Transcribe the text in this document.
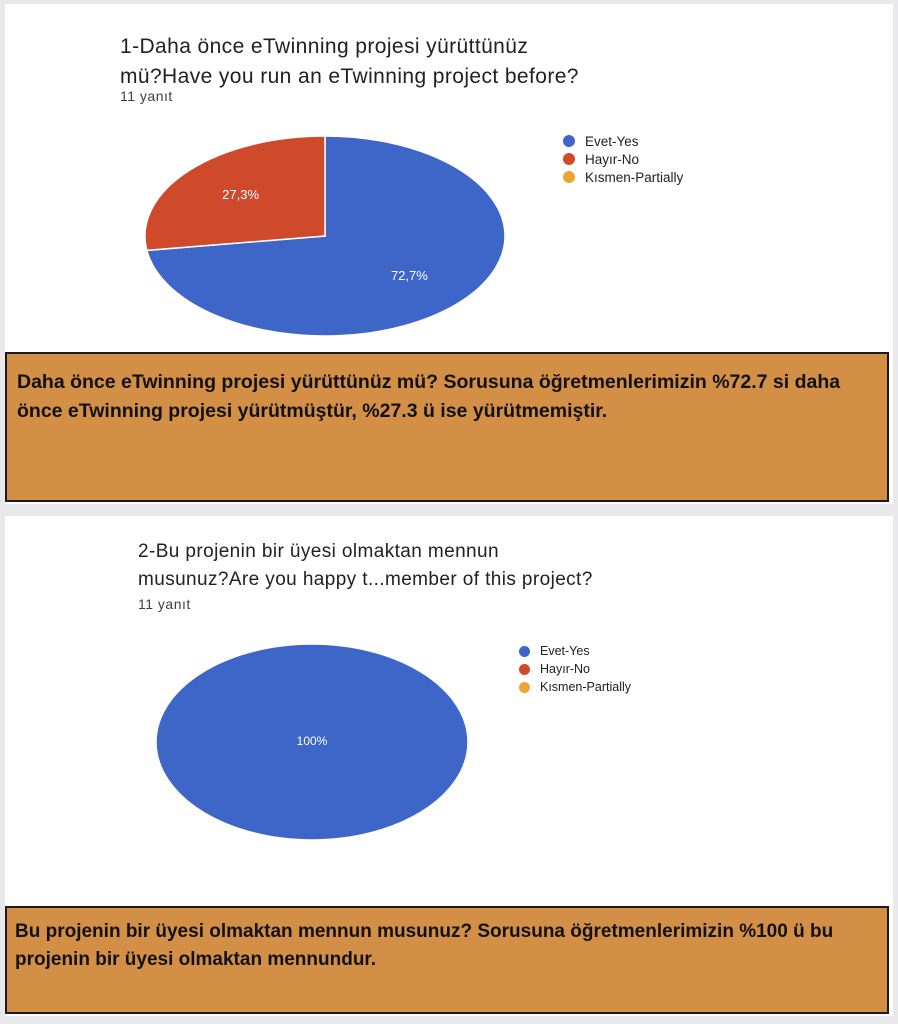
1-Daha önce eTwinning projesi yürüttünüz
mü?Have you run an eTwinning project before?
11 yanıt
72,7%
27,3%
Evet-Yes
Hayır-No
Kısmen-Partially
Daha önce eTwinning projesi yürüttünüz mü? Sorusuna öğretmenlerimizin %72.7 si daha önce eTwinning projesi yürütmüştür, %27.3 ü ise yürütmemiştir.
2-Bu projenin bir üyesi olmaktan mennun
musunuz?Are you happy t...member of this project?
11 yanıt
100%
Evet-Yes
Hayır-No
Kısmen-Partially
Bu projenin bir üyesi olmaktan mennun musunuz? Sorusuna öğretmenlerimizin %100 ü bu projenin bir üyesi olmaktan mennundur.
